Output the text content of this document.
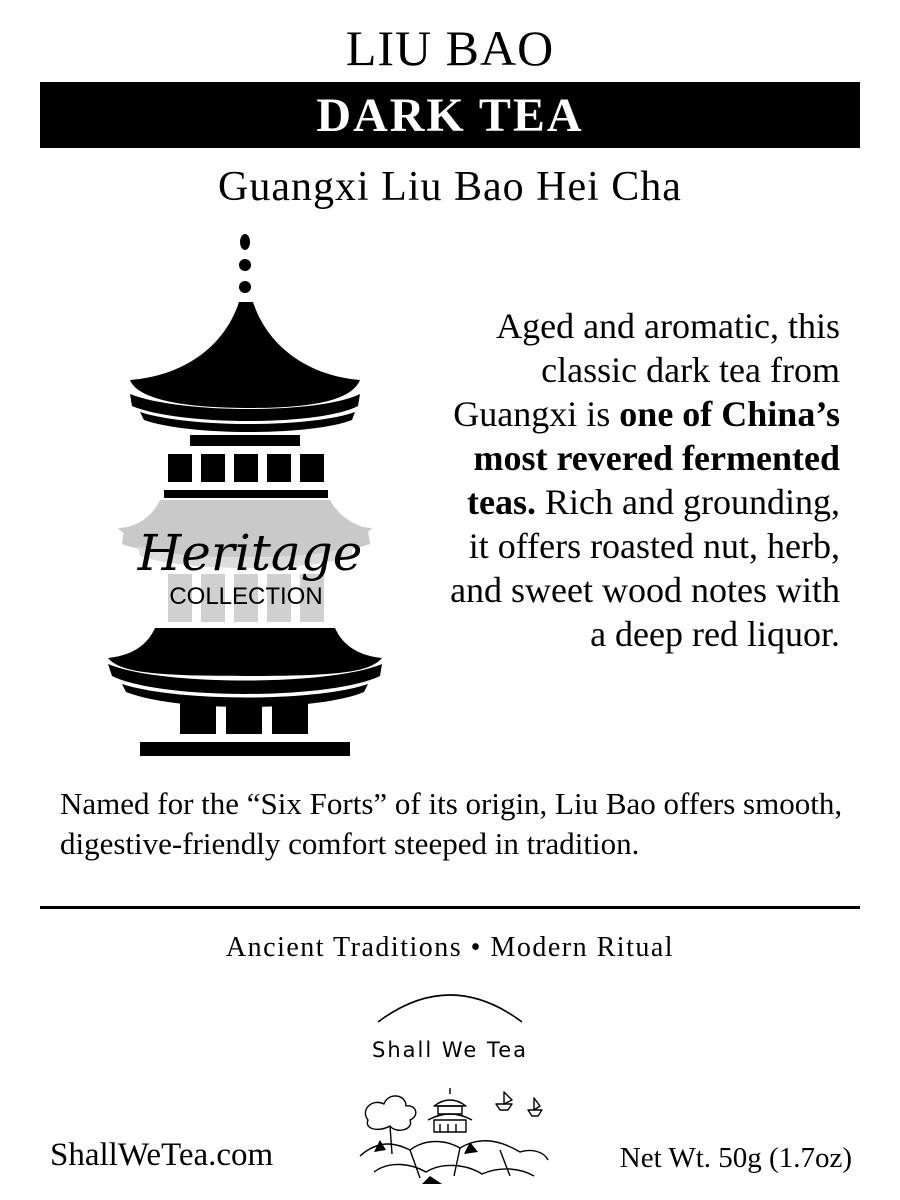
LIU BAO
DARK TEA
Guangxi Liu Bao Hei Cha
Heritage
COLLECTION
Aged and aromatic, this classic dark tea from Guangxi is one of China’s most revered fermented teas. Rich and grounding, it offers roasted nut, herb, and sweet wood notes with a deep red liquor.
Named for the “Six Forts” of its origin, Liu Bao offers smooth, digestive-friendly comfort steeped in tradition.
Ancient Traditions • Modern Ritual
Shall We Tea
ShallWeTea.com	Net Wt. 50g (1.7oz)
